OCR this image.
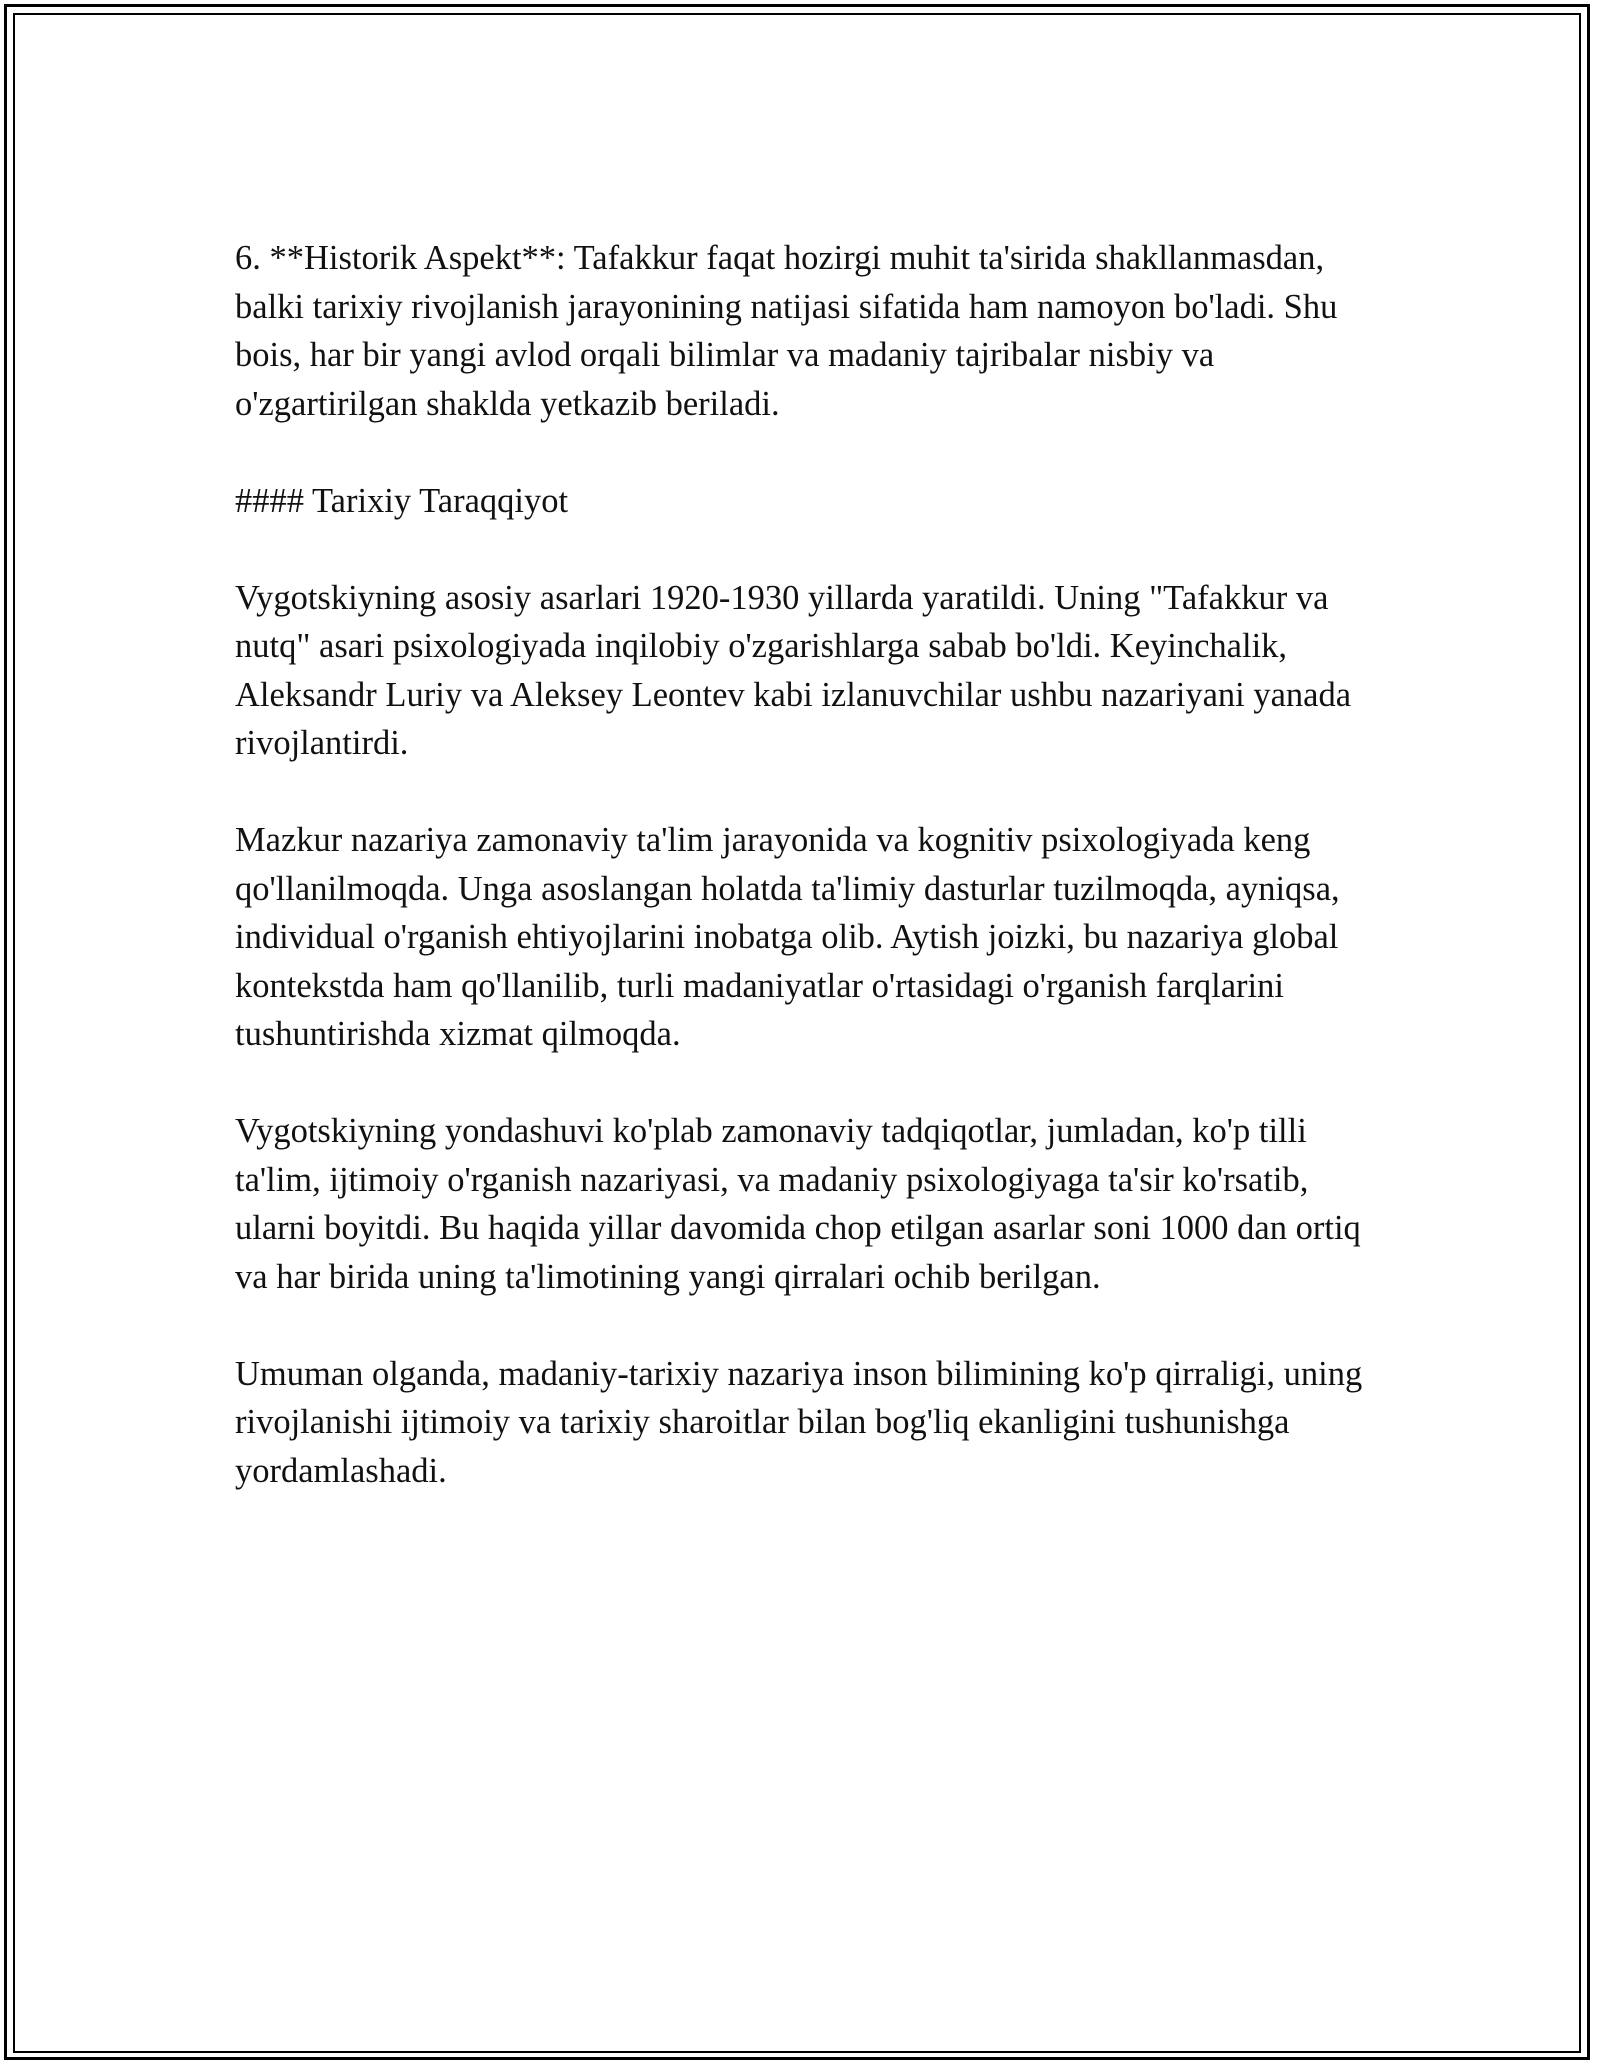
6. **Historik Aspekt**: Tafakkur faqat hozirgi muhit ta'sirida shakllanmasdan, balki tarixiy rivojlanish jarayonining natijasi sifatida ham namoyon bo'ladi. Shu bois, har bir yangi avlod orqali bilimlar va madaniy tajribalar nisbiy va o'zgartirilgan shaklda yetkazib beriladi.

#### Tarixiy Taraqqiyot

Vygotskiyning asosiy asarlari 1920-1930 yillarda yaratildi. Uning "Tafakkur va nutq" asari psixologiyada inqilobiy o'zgarishlarga sabab bo'ldi. Keyinchalik, Aleksandr Luriy va Aleksey Leontev kabi izlanuvchilar ushbu nazariyani yanada rivojlantirdi.

Mazkur nazariya zamonaviy ta'lim jarayonida va kognitiv psixologiyada keng qo'llanilmoqda. Unga asoslangan holatda ta'limiy dasturlar tuzilmoqda, ayniqsa, individual o'rganish ehtiyojlarini inobatga olib. Aytish joizki, bu nazariya global kontekstda ham qo'llanilib, turli madaniyatlar o'rtasidagi o'rganish farqlarini tushuntirishda xizmat qilmoqda.

Vygotskiyning yondashuvi ko'plab zamonaviy tadqiqotlar, jumladan, ko'p tilli ta'lim, ijtimoiy o'rganish nazariyasi, va madaniy psixologiyaga ta'sir ko'rsatib, ularni boyitdi. Bu haqida yillar davomida chop etilgan asarlar soni 1000 dan ortiq va har birida uning ta'limotining yangi qirralari ochib berilgan.

Umuman olganda, madaniy-tarixiy nazariya inson bilimining ko'p qirraligi, uning rivojlanishi ijtimoiy va tarixiy sharoitlar bilan bog'liq ekanligini tushunishga yordamlashadi.
